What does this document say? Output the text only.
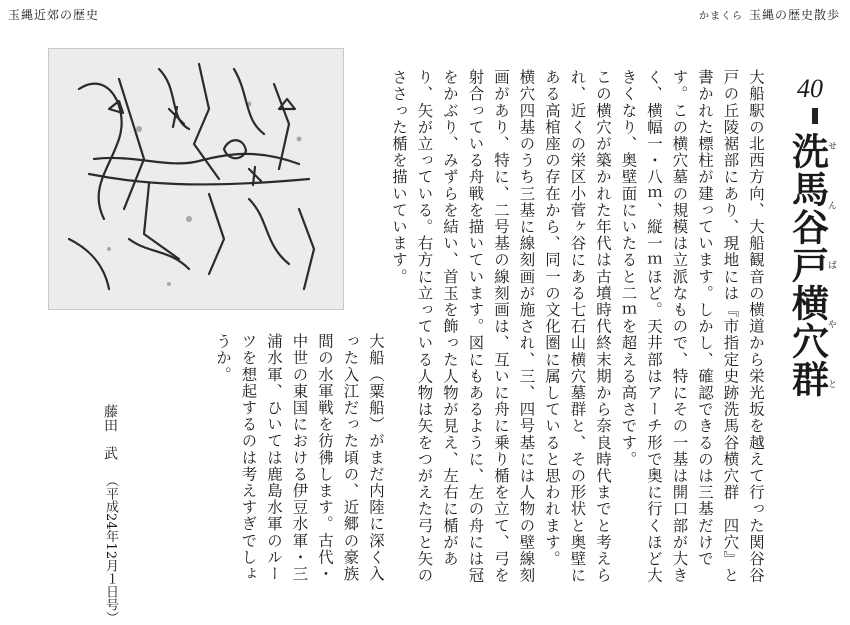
玉縄近郊の歴史	かまくら 玉縄の歴史散歩
40
洗馬谷戸横穴群せんばやと

大船駅の北西方向、大船観音の横道から栄光坂を越えて行った関谷谷戸の丘陵裾部にあり、現地には『市指定史跡洗馬谷横穴群　四穴』と書かれた標柱が建っています。しかし、確認できるのは三基だけです。この横穴墓の規模は立派なもので、特にその一基は開口部が大きく、横幅一・八ｍ、縦一ｍほど。天井部はアーチ形で奥に行くほど大きくなり、奥壁面にいたると二ｍを超える高さです。

この横穴が築かれた年代は古墳時代終末期から奈良時代までと考えられ、近くの栄区小菅ヶ谷にある七石山横穴墓群と、その形状と奥壁にある高棺座の存在から、同一の文化圏に属していると思われます。

横穴四基のうち三基に線刻画が施され、三、四号基には人物の壁線刻画があり、特に、二号基の線刻画は、互いに舟に乗り楯を立て、弓を射合っている舟戦を描いています。図にもあるように、左の舟には冠をかぶり、みずらを結い、首玉を飾った人物が見え、左右に楯があり、矢が立っている。右方に立っている人物は矢をつがえた弓と矢のささった楯を描いています。

大船（粟船）がまだ内陸に深く入った入江だった頃の、近郷の豪族間の水軍戦を彷彿します。古代・中世の東国における伊豆水軍・三浦水軍、ひいては鹿島水軍のルーツを想起するのは考えすぎでしょうか。

藤田　武 （平成24年12月１日号）
